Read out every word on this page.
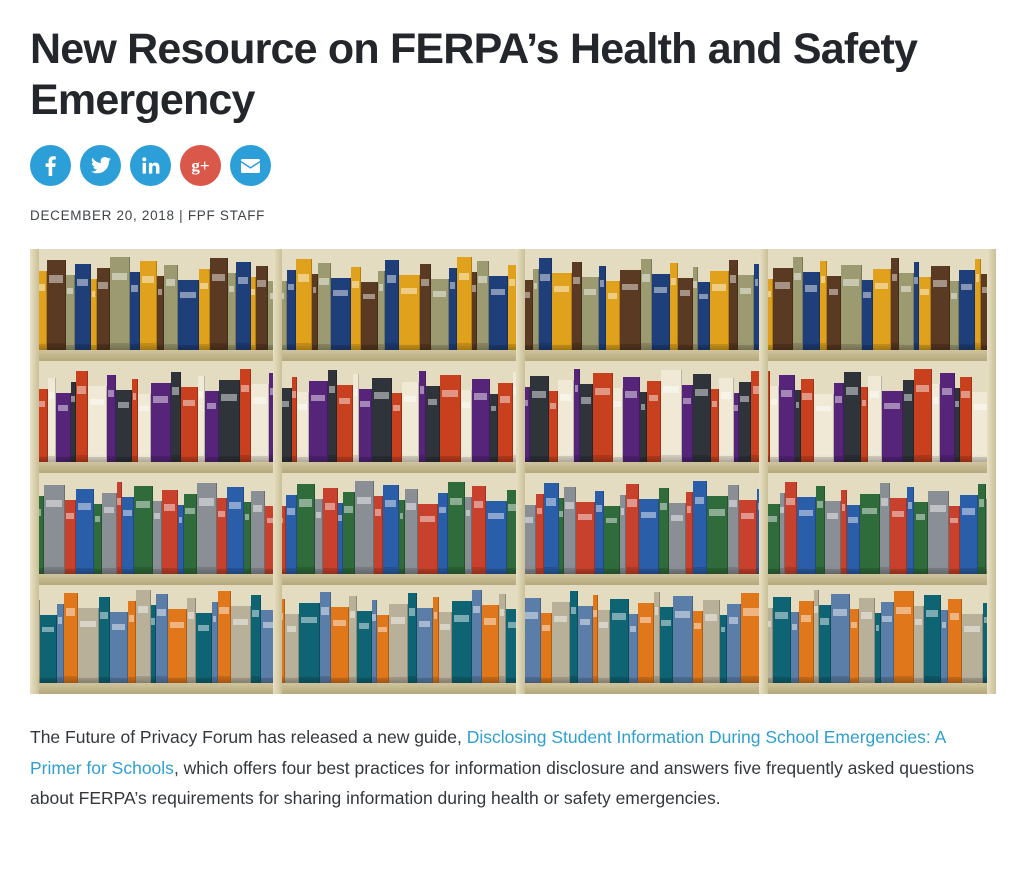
New Resource on FERPA’s Health and Safety Emergency
g+
DECEMBER 20, 2018 | FPF STAFF

The Future of Privacy Forum has released a new guide, Disclosing Student Information During School Emergencies: A Primer for Schools, which offers four best practices for information disclosure and answers five frequently asked questions about FERPA’s requirements for sharing information during health or safety emergencies.
